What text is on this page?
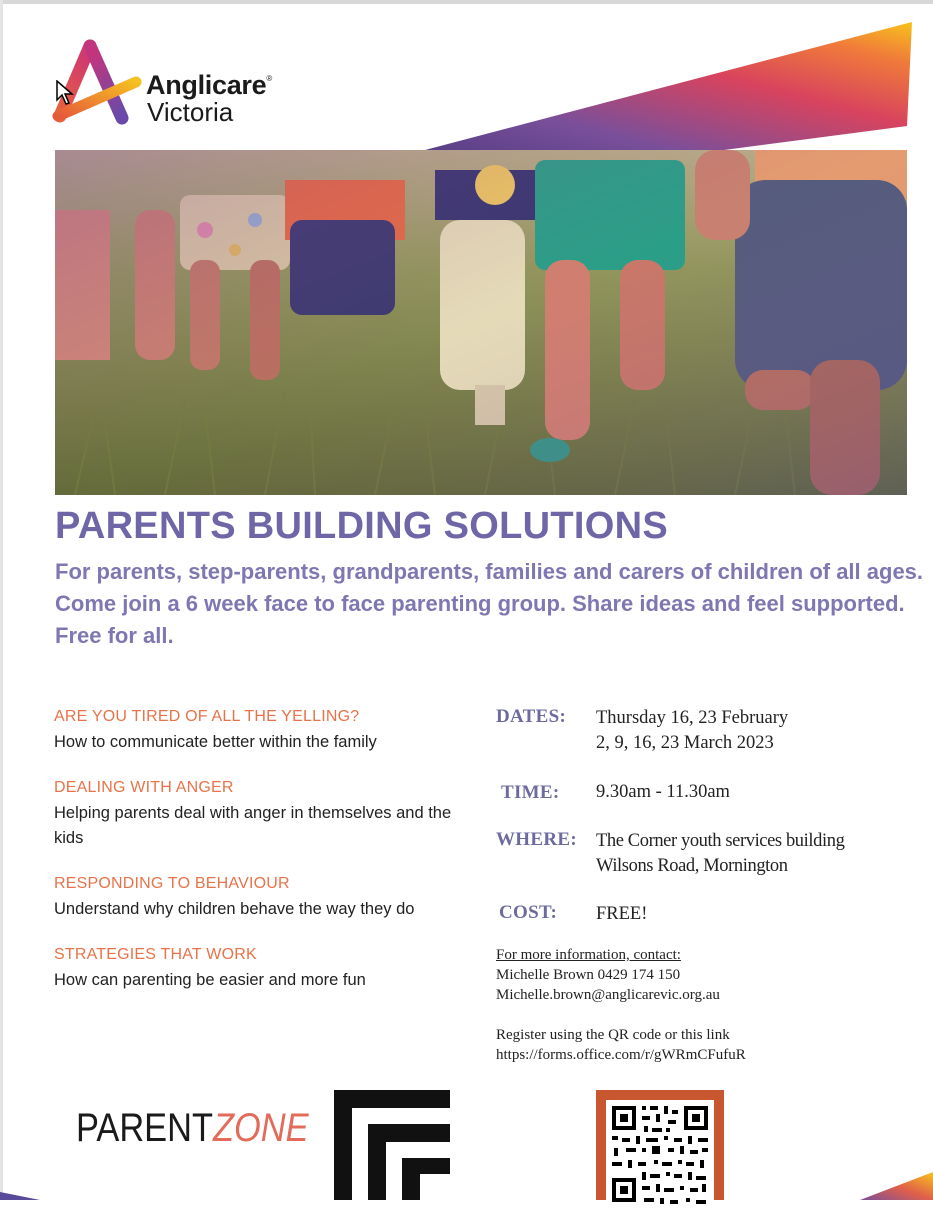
Anglicare®
Victoria
PARENTS BUILDING SOLUTIONS

For parents, step-parents, grandparents, families and carers of children of all ages. Come join a 6 week face to face parenting group. Share ideas and feel supported. Free for all.

ARE YOU TIRED OF ALL THE YELLING?
How to communicate better within the family
DEALING WITH ANGER
Helping parents deal with anger in themselves and the kids
RESPONDING TO BEHAVIOUR
Understand why children behave the way they do
STRATEGIES THAT WORK
How can parenting be easier and more fun
DATES: Thursday 16, 23 February
2, 9, 16, 23 March 2023
TIME: 9.30am - 11.30am
WHERE: The Corner youth services building
Wilsons Road, Mornington
COST: FREE!
For more information, contact:
Michelle Brown 0429 174 150
Michelle.brown@anglicarevic.org.au
Register using the QR code or this link
https://forms.office.com/r/gWRmCFufuR
PARENTZONE
